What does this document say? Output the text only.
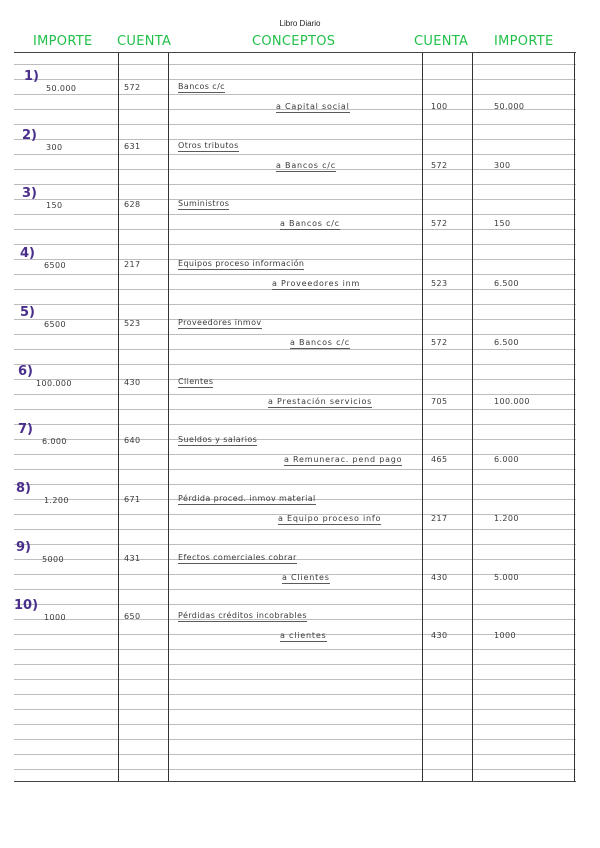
Libro Diario
IMPORTE CUENTA	CONCEPTOS	CUENTA IMPORTE
1)
50.000	572	Bancos c/c
a Capital social	100	50.000
2)
300	631	Otros tributos
a Bancos c/c	572	300
3)
150	628	Suministros
a Bancos c/c	572	150
4)
6500	217	Equipos proceso información
a Proveedores inm	523	6.500
5)
6500	523	Proveedores inmov
a Bancos c/c	572	6.500
6)
100.000	430	Clientes
a Prestación servicios	705	100.000
7)
6.000	640	Sueldos y salarios
a Remunerac. pend pago	465	6.000
8)
1.200	671	Pérdida proced. inmov material
a Equipo proceso info	217	1.200
9)
5000	431	Efectos comerciales cobrar
a Clientes	430	5.000
10)
1000	650	Pérdidas créditos incobrables
a clientes	430	1000
